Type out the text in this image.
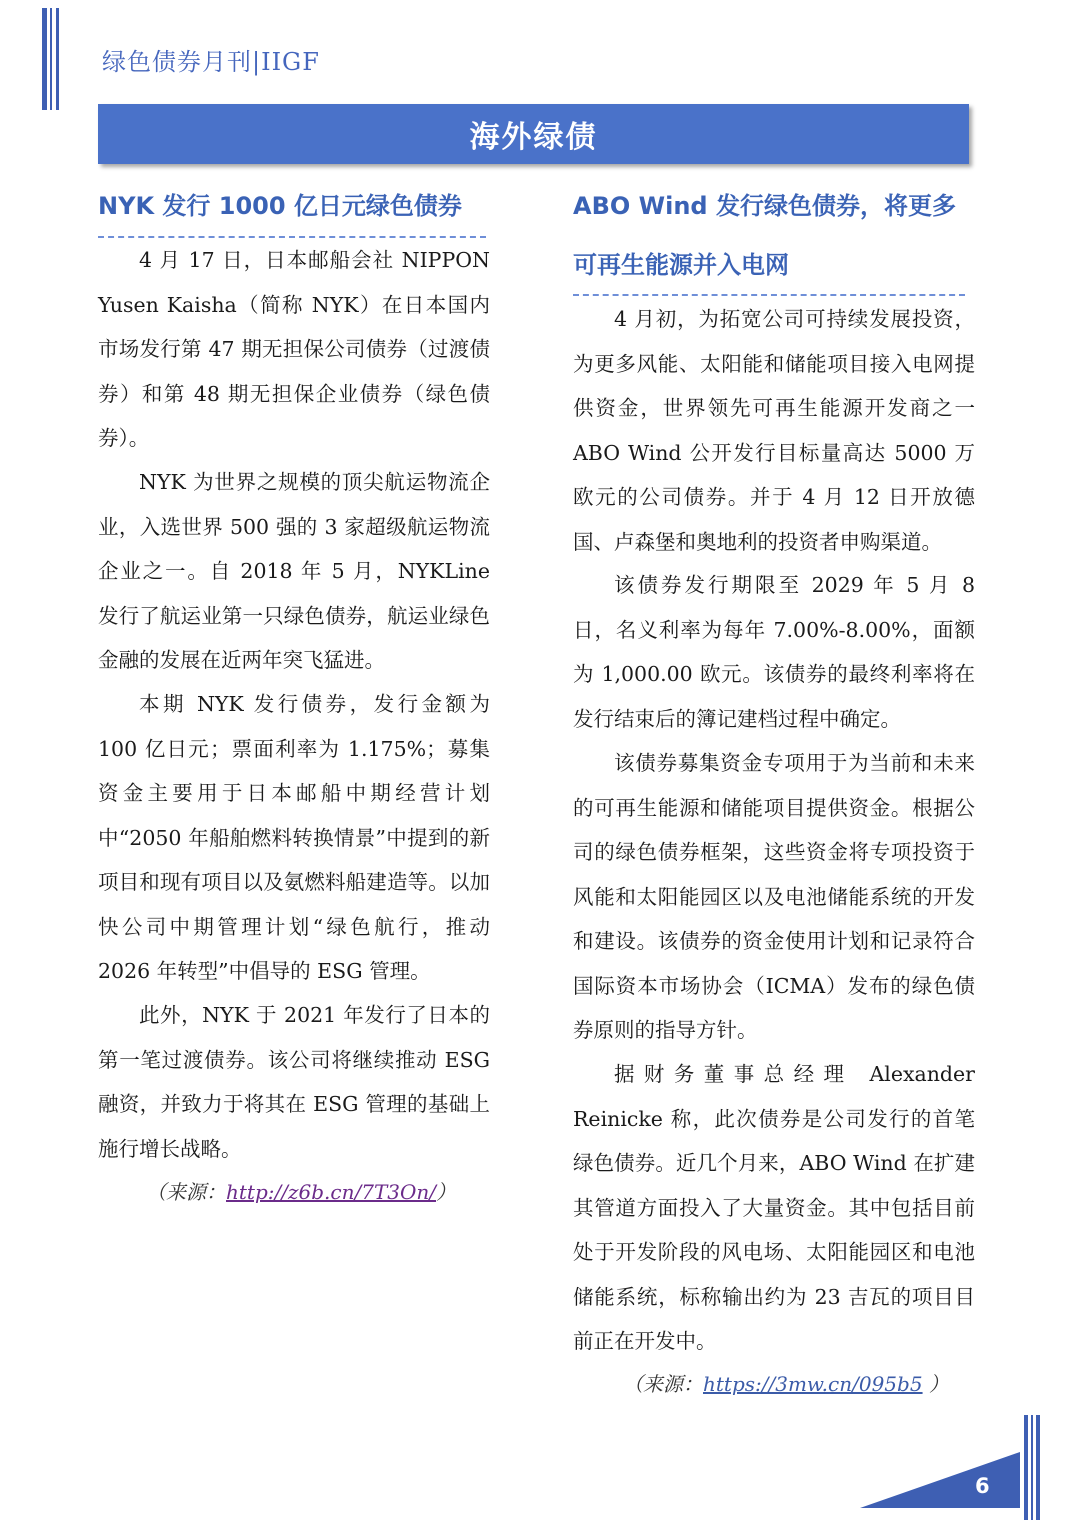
绿色债券月刊|IIGF
海外绿债
NYK 发行 1000 亿日元绿色债券

4 月 17 日，日本邮船会社 NIPPON Yusen Kaisha（简称 NYK）在日本国内市场发行第 47 期无担保公司债券（过渡债券）和第 48 期无担保企业债券（绿色债券）。

NYK 为世界之规模的顶尖航运物流企业，入选世界 500 强的 3 家超级航运物流企业之一。自 2018 年 5 月，NYKLine 发行了航运业第一只绿色债券，航运业绿色金融的发展在近两年突飞猛进。

本期 NYK 发行债券，发行金额为 100 亿日元；票面利率为 1.175%；募集资金主要用于日本邮船中期经营计划中“2050 年船舶燃料转换情景”中提到的新项目和现有项目以及氨燃料船建造等。以加快公司中期管理计划“绿色航行，推动 2026 年转型”中倡导的 ESG 管理。

此外，NYK 于 2021 年发行了日本的第一笔过渡债券。该公司将继续推动 ESG 融资，并致力于将其在 ESG 管理的基础上施行增长战略。

（来源：http://z6b.cn/7T3On/）

ABO Wind 发行绿色债券，将更多
可再生能源并入电网

4 月初，为拓宽公司可持续发展投资，为更多风能、太阳能和储能项目接入电网提供资金，世界领先可再生能源开发商之一 ABO Wind 公开发行目标量高达 5000 万欧元的公司债券。并于 4 月 12 日开放德国、卢森堡和奥地利的投资者申购渠道。

该债券发行期限至 2029 年 5 月 8 日，名义利率为每年 7.00%-8.00%，面额为 1,000.00 欧元。该债券的最终利率将在发行结束后的簿记建档过程中确定。

该债券募集资金专项用于为当前和未来的可再生能源和储能项目提供资金。根据公司的绿色债券框架，这些资金将专项投资于风能和太阳能园区以及电池储能系统的开发和建设。该债券的资金使用计划和记录符合国际资本市场协会（ICMA）发布的绿色债券原则的指导方针。

据财务董事总经理 Alexander Reinicke 称，此次债券是公司发行的首笔绿色债券。近几个月来，ABO Wind 在扩建其管道方面投入了大量资金。其中包括目前处于开发阶段的风电场、太阳能园区和电池储能系统，标称输出约为 23 吉瓦的项目目前正在开发中。

（来源：https://3mw.cn/095b5 ）

6
